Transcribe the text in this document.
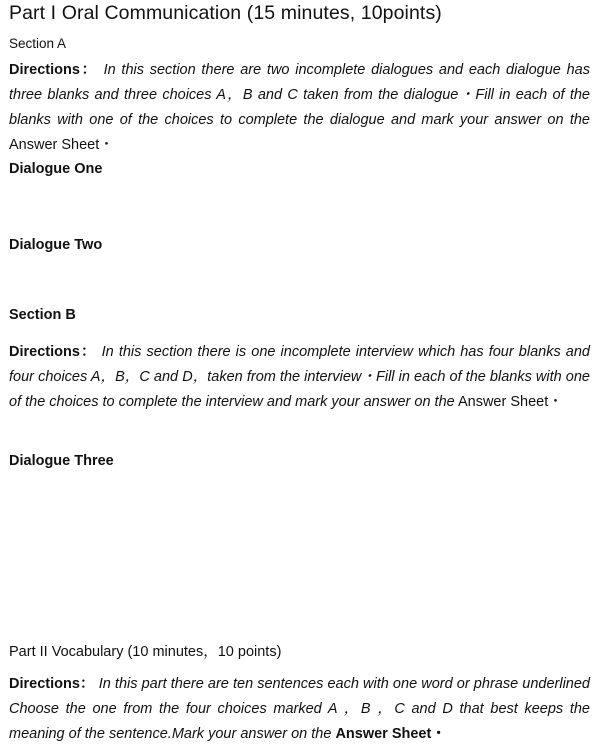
Part I Oral Communication (15 minutes, 10points)
Section A
Directions： In this section there are two incomplete dialogues and each dialogue has three blanks and three choices A，B and C taken from the dialogue・Fill in each of the blanks with one of the choices to complete the dialogue and mark your answer on the Answer Sheet・
Dialogue One
Dialogue Two
Section B
Directions： In this section there is one incomplete interview which has four blanks and four choices A，B，C and D，taken from the interview・Fill in each of the blanks with one of the choices to complete the interview and mark your answer on the Answer Sheet・
Dialogue Three
Part II Vocabulary (10 minutes，10 points)
Directions： In this part there are ten sentences each with one word or phrase underlined Choose the one from the four choices marked A ，B ，C and D that best keeps the meaning of the sentence.Mark your answer on the Answer Sheet・
